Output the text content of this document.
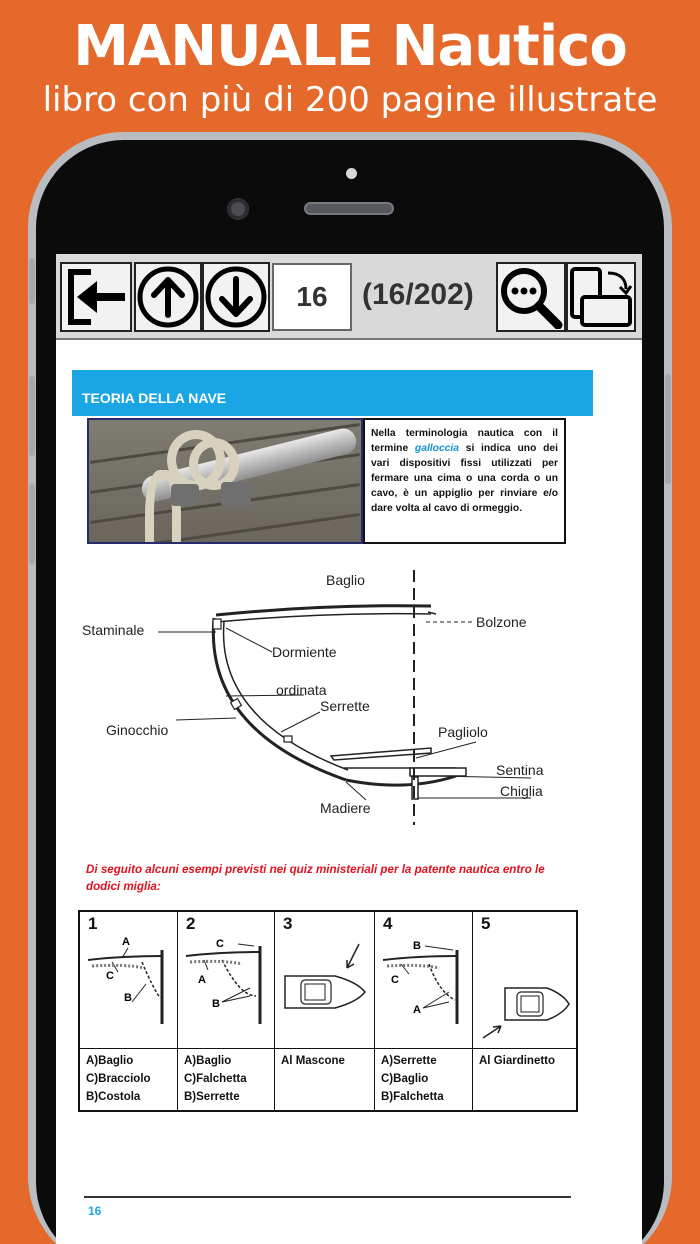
MANUALE Nautico
libro con più di 200 pagine illustrate
16	(16/202)
TEORIA DELLA NAVE
Nella terminologia nautica con il termine galloccia si indica uno dei vari dispositivi fissi utilizzati per fermare una cima o una corda o un cavo, è un appiglio per rinviare e/o dare volta al cavo di ormeggio.
Baglio
Staminale	Bolzone
Dormiente
ordinata
Serrette
Ginocchio	Pagliolo
Sentina
Chiglia
Madiere
Di seguito alcuni esempi previsti nei quiz ministeriali per la patente nautica entro le dodici miglia:
1
A
C
B
A)Baglio
C)Bracciolo
B)Costola
2
C
A
B
A)Baglio
C)Falchetta
B)Serrette
3
Al Mascone
4
B
C
A
A)Serrette
C)Baglio
B)Falchetta
5
Al Giardinetto
16
